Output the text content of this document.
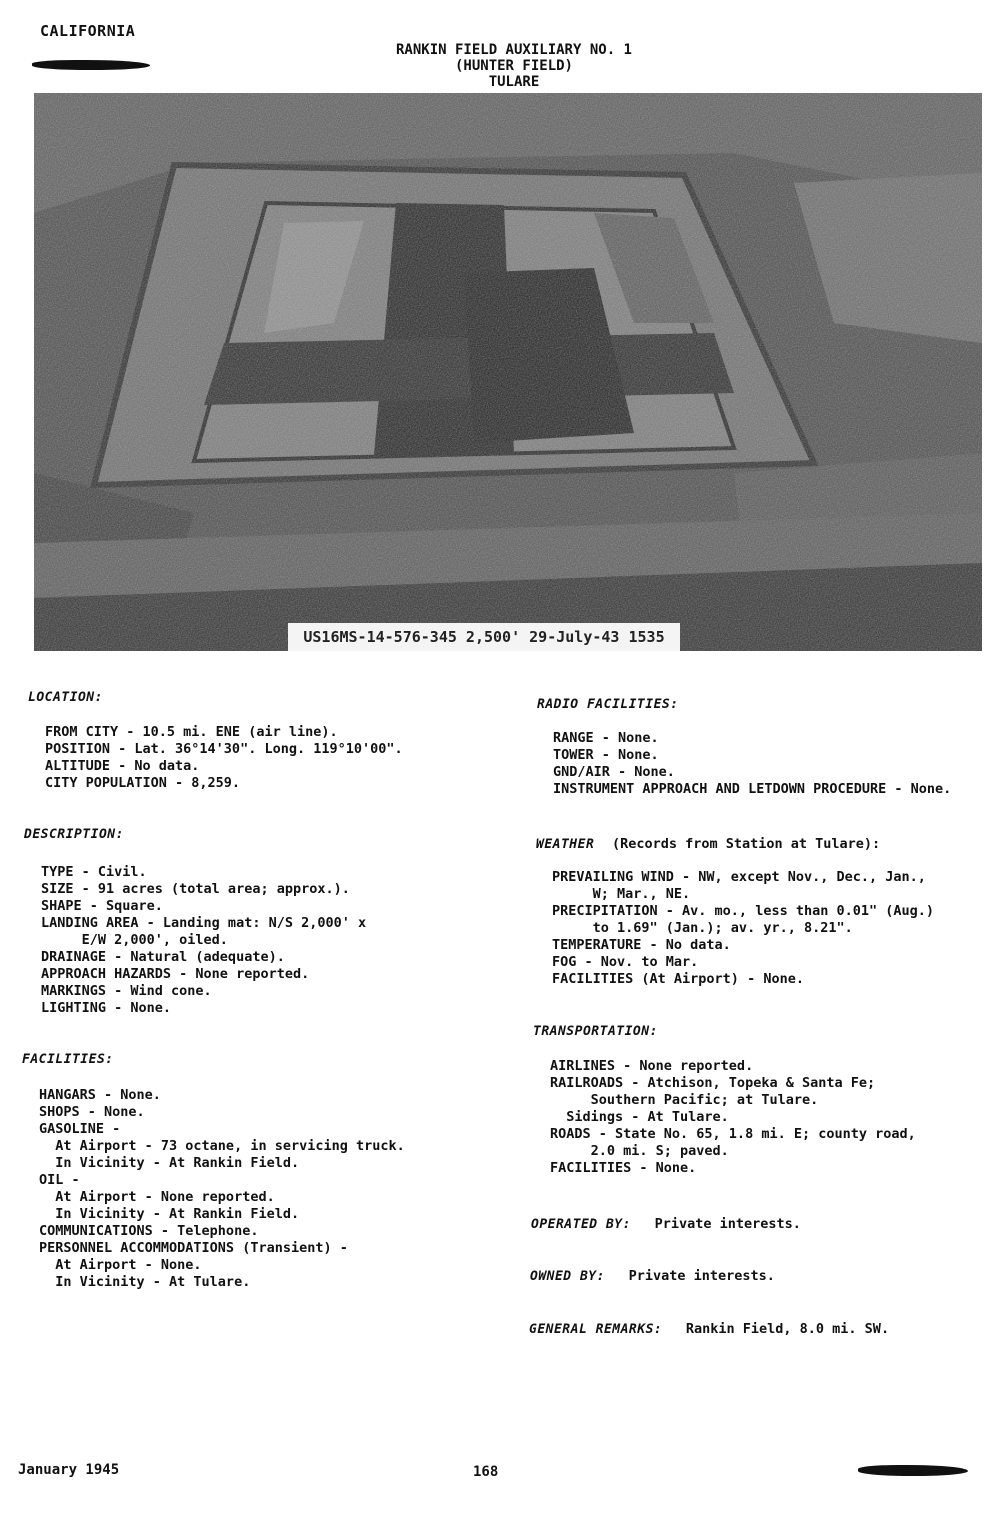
CALIFORNIA
RANKIN FIELD AUXILIARY NO. 1
(HUNTER FIELD)
TULARE
US16MS-14-576-345 2,500' 29-July-43 1535
LOCATION:
FROM CITY - 10.5 mi. ENE (air line).
POSITION - Lat. 36°14'30". Long. 119°10'00".
ALTITUDE - No data.
CITY POPULATION - 8,259.
DESCRIPTION:
TYPE - Civil.
SIZE - 91 acres (total area; approx.).
SHAPE - Square.
LANDING AREA - Landing mat: N/S 2,000' x
E/W 2,000', oiled.
DRAINAGE - Natural (adequate).
APPROACH HAZARDS - None reported.
MARKINGS - Wind cone.
LIGHTING - None.
FACILITIES:
HANGARS - None.
SHOPS - None.
GASOLINE -
At Airport - 73 octane, in servicing truck.
In Vicinity - At Rankin Field.
OIL -
At Airport - None reported.
In Vicinity - At Rankin Field.
COMMUNICATIONS - Telephone.
PERSONNEL ACCOMMODATIONS (Transient) -
At Airport - None.
In Vicinity - At Tulare.
RADIO FACILITIES:
RANGE - None.
TOWER - None.
GND/AIR - None.
INSTRUMENT APPROACH AND LETDOWN PROCEDURE - None.
WEATHER (Records from Station at Tulare):
PREVAILING WIND - NW, except Nov., Dec., Jan.,
W; Mar., NE.
PRECIPITATION - Av. mo., less than 0.01" (Aug.)
to 1.69" (Jan.); av. yr., 8.21".
TEMPERATURE - No data.
FOG - Nov. to Mar.
FACILITIES (At Airport) - None.
TRANSPORTATION:
AIRLINES - None reported.
RAILROADS - Atchison, Topeka & Santa Fe;
Southern Pacific; at Tulare.
Sidings - At Tulare.
ROADS - State No. 65, 1.8 mi. E; county road,
2.0 mi. S; paved.
FACILITIES - None.
OPERATED BY: Private interests.
OWNED BY: Private interests.
GENERAL REMARKS: Rankin Field, 8.0 mi. SW.
January 1945	168
